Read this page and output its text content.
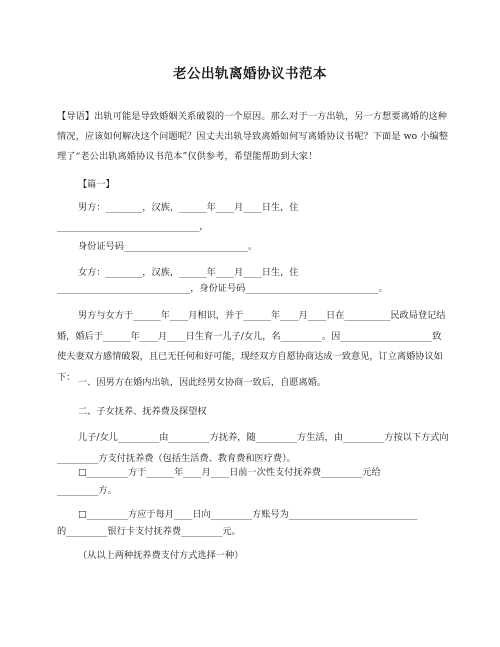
老公出轨离婚协议书范本
【导语】出轨可能是导致婚姻关系破裂的一个原因。那么对于一方出轨，另一方想要离婚的这种情况，应该如何解决这个问题呢？因丈夫出轨导致离婚如何写离婚协议书呢？下面是 wo 小编整理了“老公出轨离婚协议书范本”仅供参考，希望能帮助到大家！
【篇一】
男方：________，汉族，______年____月____日生，住
_______________________________，
身份证号码___________________________。
女方：________，汉族，______年____月____日生，住
_____________________________，身份证号码_____________________________。
男方与女方于______年____月相识，并于______年____月____日在__________民政局登记结婚，婚后于______年____月____日生育一儿子/女儿，名_________。因____________________致使夫妻双方感情破裂，且已无任何和好可能，现经双方自愿协商达成一致意见，订立离婚协议如下： 一、因男方在婚内出轨，因此经男女协商一致后，自愿离婚。
二、子女抚养、抚养费及探望权
儿子/女儿_________由_________方抚养，随_________方生活，由_________方按以下方式向_________方支付抚养费（包括生活费、教育费和医疗费）。
□_________方于______年____月____日前一次性支付抚养费_________元给
_________方。
□_________方应于每月____日向_________方账号为____________________________
的_________银行卡支付抚养费_________元。
（从以上两种抚养费支付方式选择一种）
